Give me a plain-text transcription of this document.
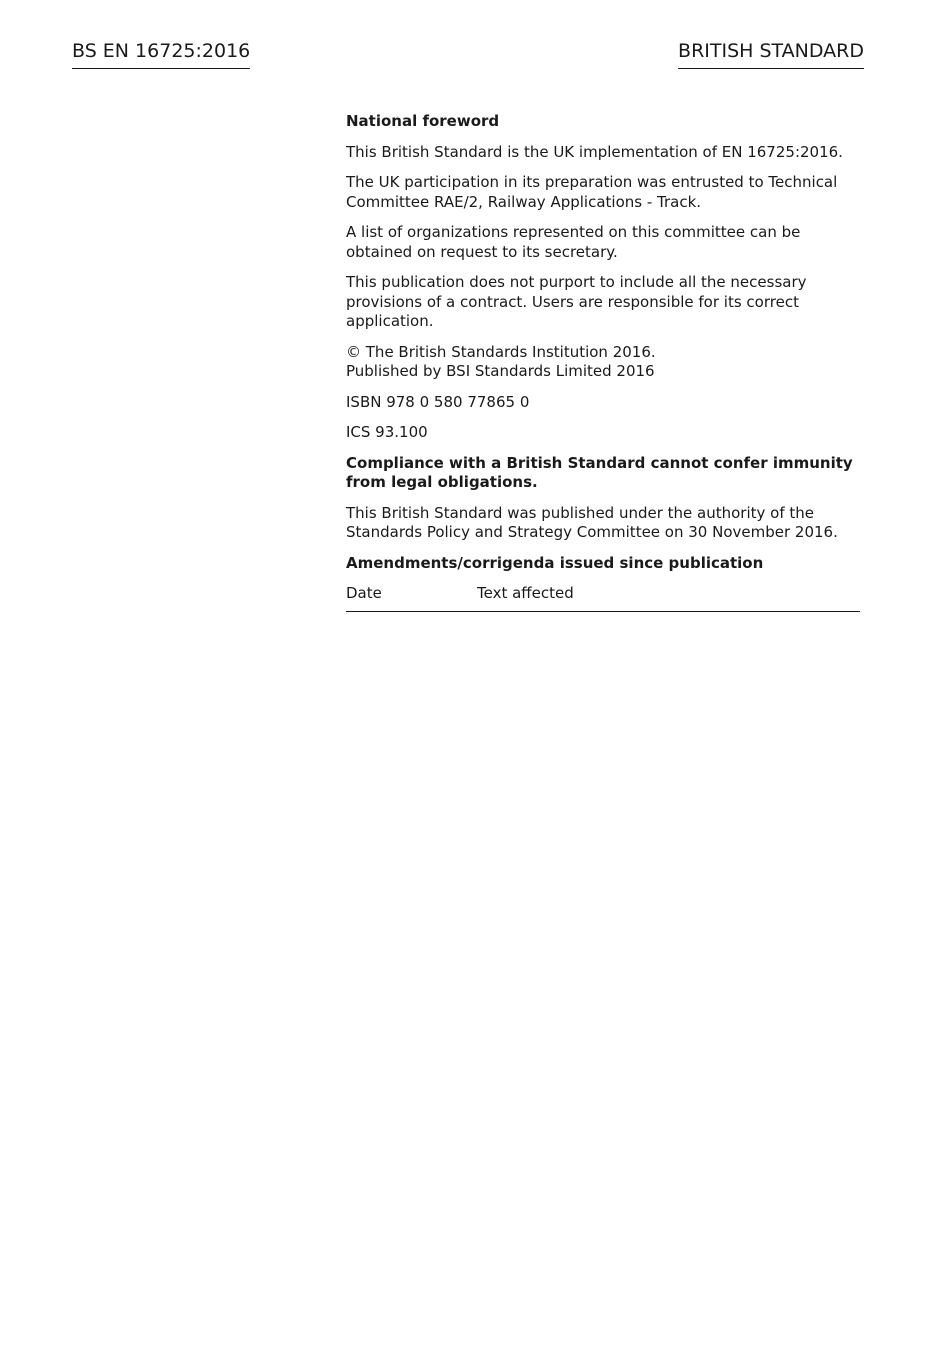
BS EN 16725:2016	BRITISH STANDARD

National foreword

This British Standard is the UK implementation of EN 16725:2016.

The UK participation in its preparation was entrusted to Technical Committee RAE/2, Railway Applications - Track.

A list of organizations represented on this committee can be obtained on request to its secretary.

This publication does not purport to include all the necessary provisions of a contract. Users are responsible for its correct application.

© The British Standards Institution 2016.
Published by BSI Standards Limited 2016

ISBN 978 0 580 77865 0

ICS 93.100

Compliance with a British Standard cannot confer immunity from legal obligations.

This British Standard was published under the authority of the Standards Policy and Strategy Committee on 30 November 2016.

Amendments/corrigenda issued since publication

Date	Text affected
